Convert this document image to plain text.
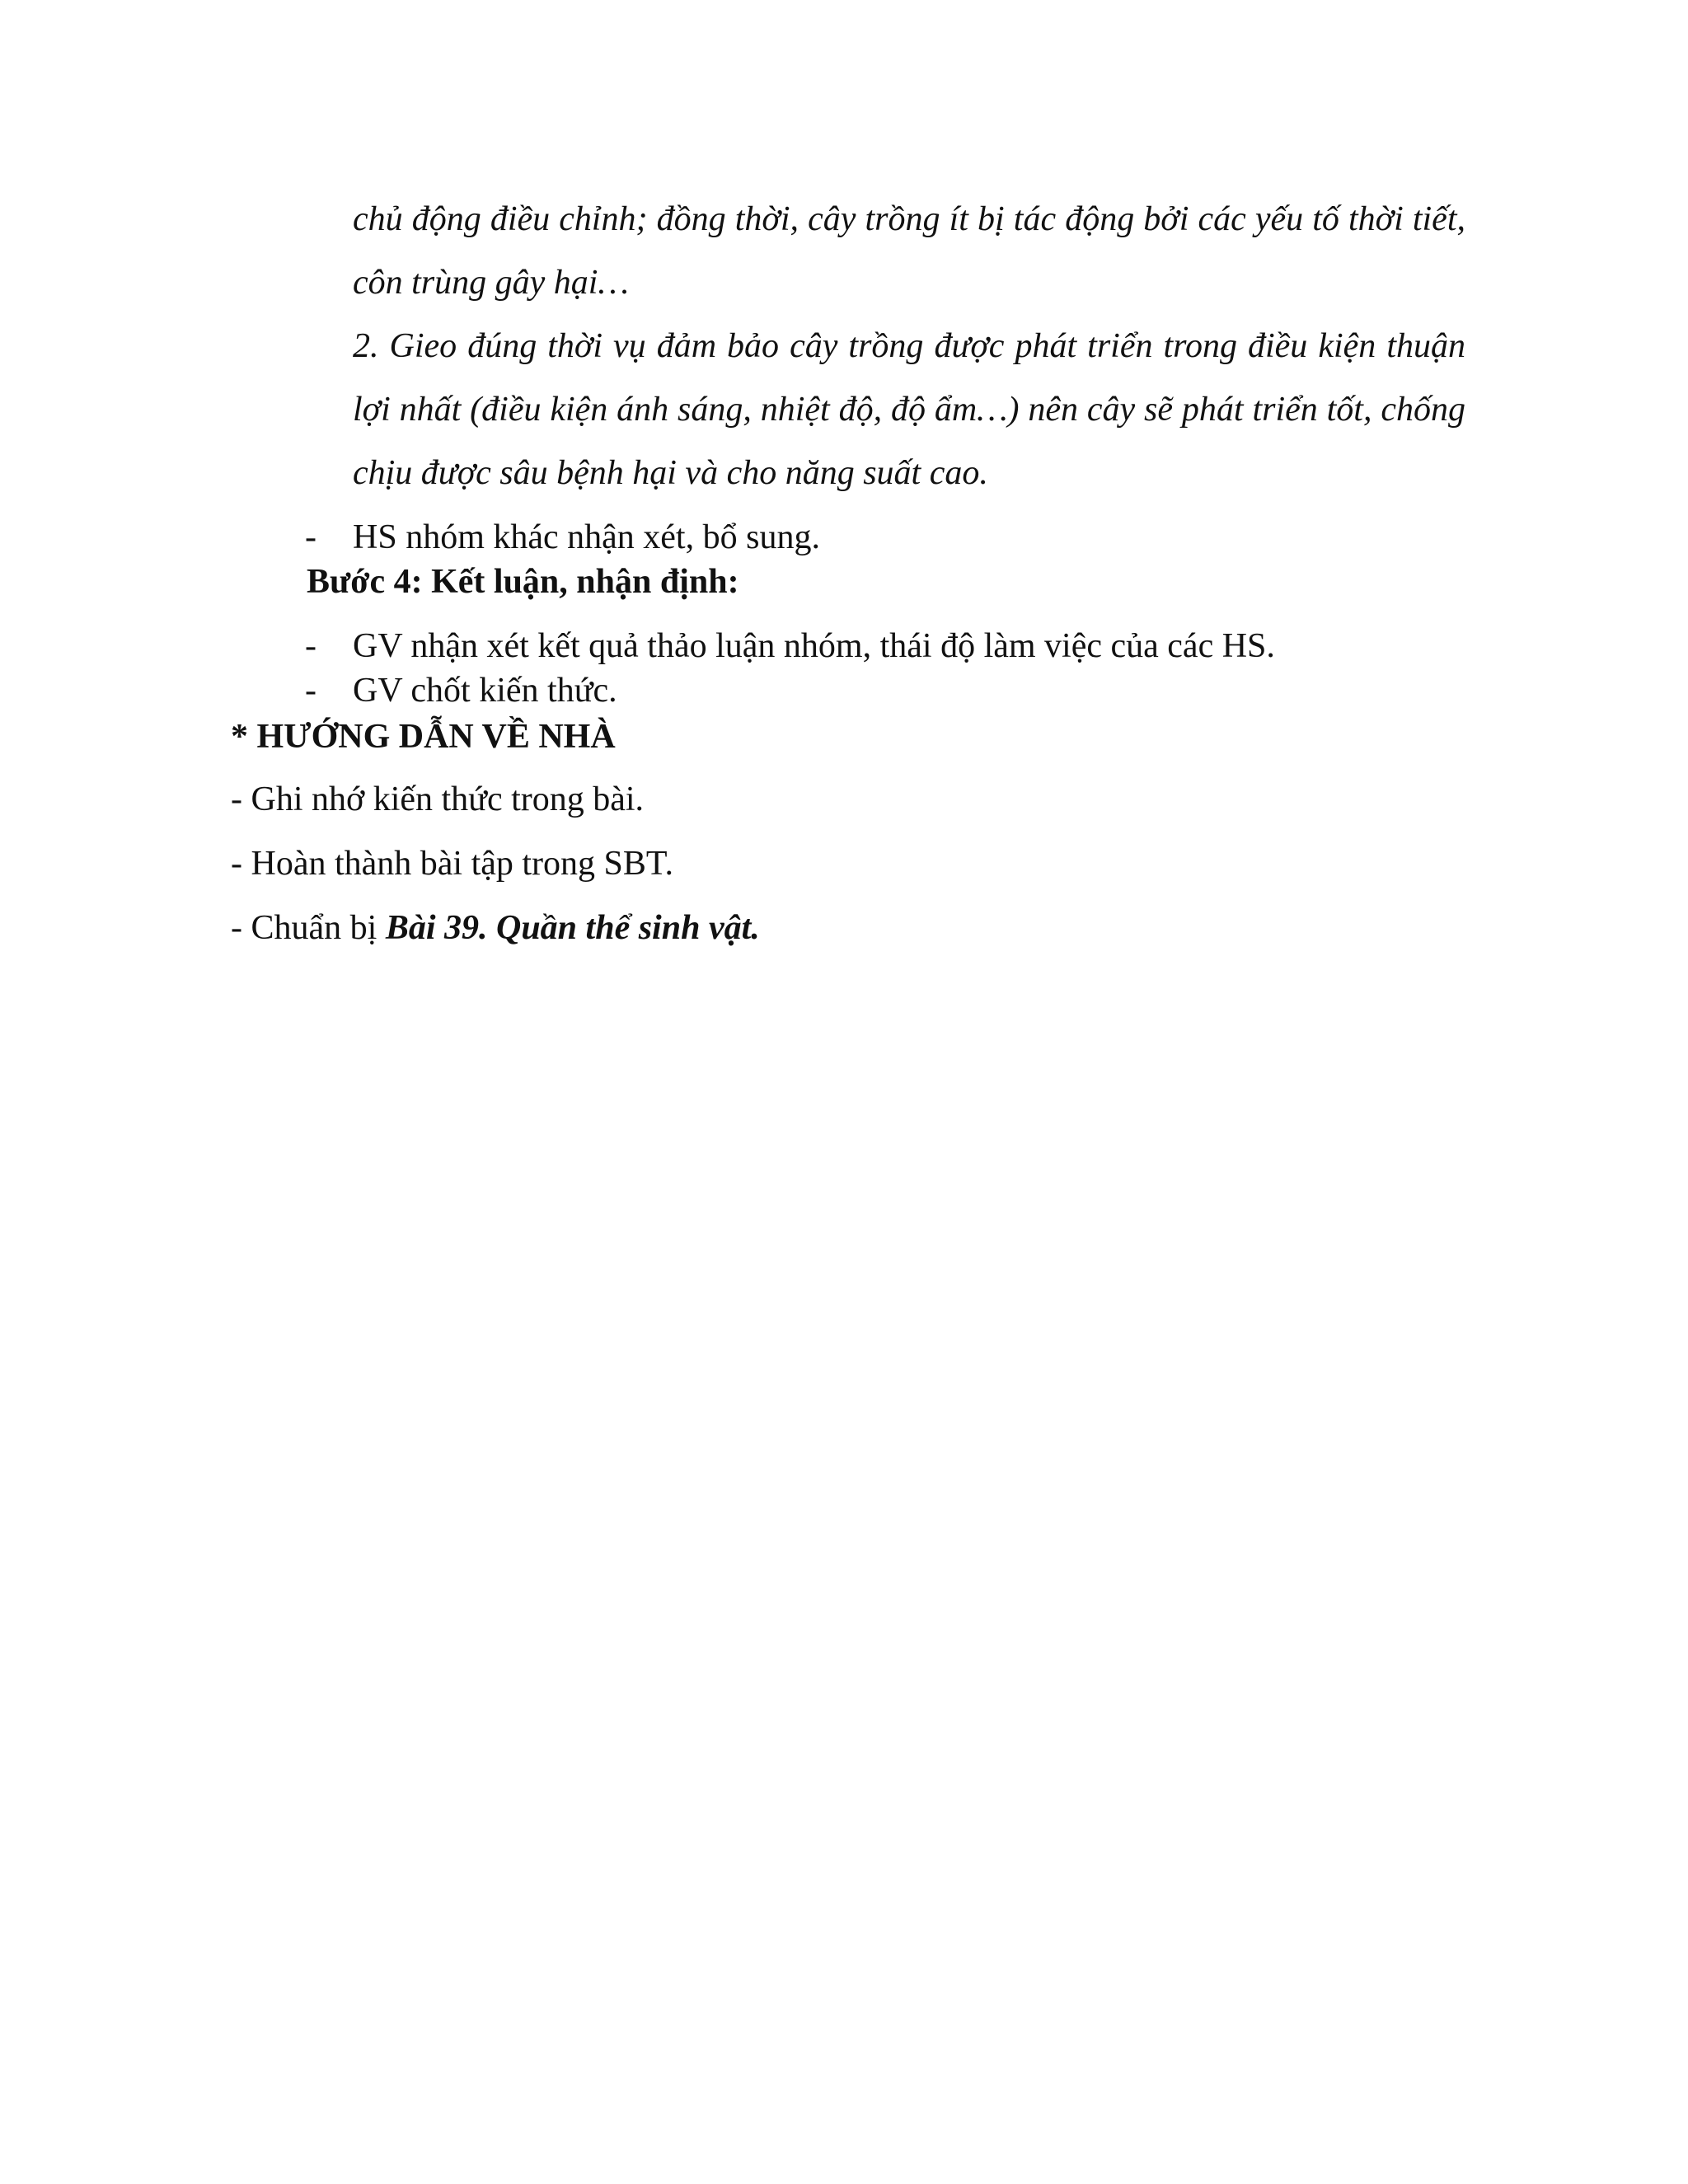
chủ động điều chỉnh; đồng thời, cây trồng ít bị tác động bởi các yếu tố thời tiết, côn trùng gây hại…

2. Gieo đúng thời vụ đảm bảo cây trồng được phát triển trong điều kiện thuận lợi nhất (điều kiện ánh sáng, nhiệt độ, độ ẩm…) nên cây sẽ phát triển tốt, chống chịu được sâu bệnh hại và cho năng suất cao.

- HS nhóm khác nhận xét, bổ sung.
Bước 4: Kết luận, nhận định:
- GV nhận xét kết quả thảo luận nhóm, thái độ làm việc của các HS.
- GV chốt kiến thức.
* HƯỚNG DẪN VỀ NHÀ
- Ghi nhớ kiến thức trong bài.
- Hoàn thành bài tập trong SBT.
- Chuẩn bị Bài 39. Quần thể sinh vật.
